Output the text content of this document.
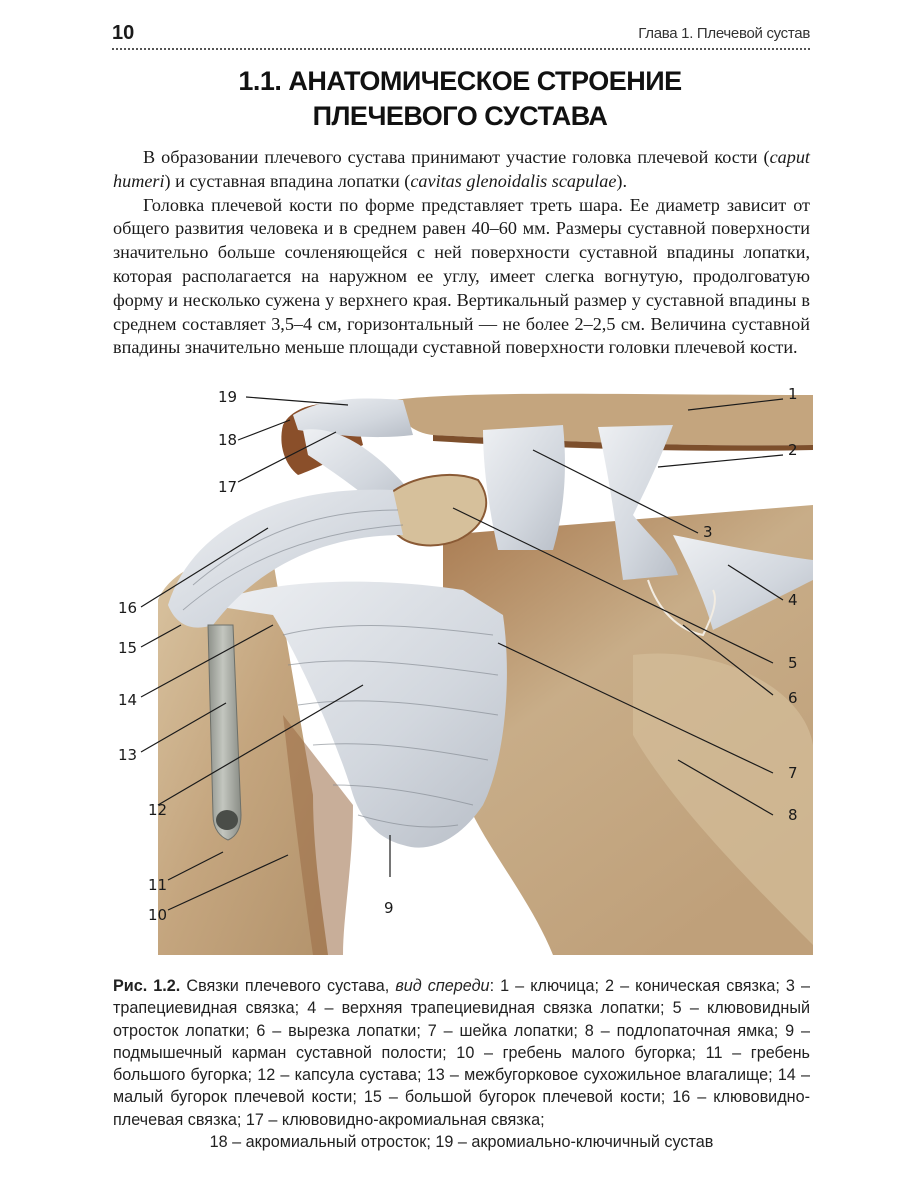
10	Глава 1. Плечевой сустав
1.1. АНАТОМИЧЕСКОЕ СТРОЕНИЕ
ПЛЕЧЕВОГО СУСТАВА

В образовании плечевого сустава принимают участие головка плечевой кости (caput humeri) и суставная впадина лопатки (cavitas glenoidalis scapulae).

Головка плечевой кости по форме представляет треть шара. Ее диаметр зависит от общего развития человека и в среднем равен 40–60 мм. Размеры суставной поверхности значительно больше сочленяющейся с ней поверхности суставной впадины лопатки, которая располагается на наружном ее углу, имеет слегка вогнутую, продолговатую форму и несколько сужена у верхнего края. Вертикальный размер у суставной впадины в среднем составляет 3,5–4 см, горизонтальный — не более 2–2,5 см. Величина суставной впадины значительно меньше площади суставной поверхности головки плечевой кости.

1
2
3
4
5
6
7
8
9
10
11
12
13
14
15
16
17
18
19
Рис. 1.2. Связки плечевого сустава, вид спереди: 1 – ключица; 2 – коническая связка; 3 – трапециевидная связка; 4 – верхняя трапециевидная связка лопатки; 5 – клювовидный отросток лопатки; 6 – вырезка лопатки; 7 – шейка лопатки; 8 – подлопаточная ямка; 9 – подмышечный карман суставной полости; 10 – гребень малого бугорка; 11 – гребень большого бугорка; 12 – капсула сустава; 13 – межбугорковое сухожильное влагалище; 14 – малый бугорок плечевой кости; 15 – большой бугорок плечевой кости; 16 – клювовидно-плечевая связка; 17 – клювовидно-акромиальная связка;
18 – акромиальный отросток; 19 – акромиально-ключичный сустав
